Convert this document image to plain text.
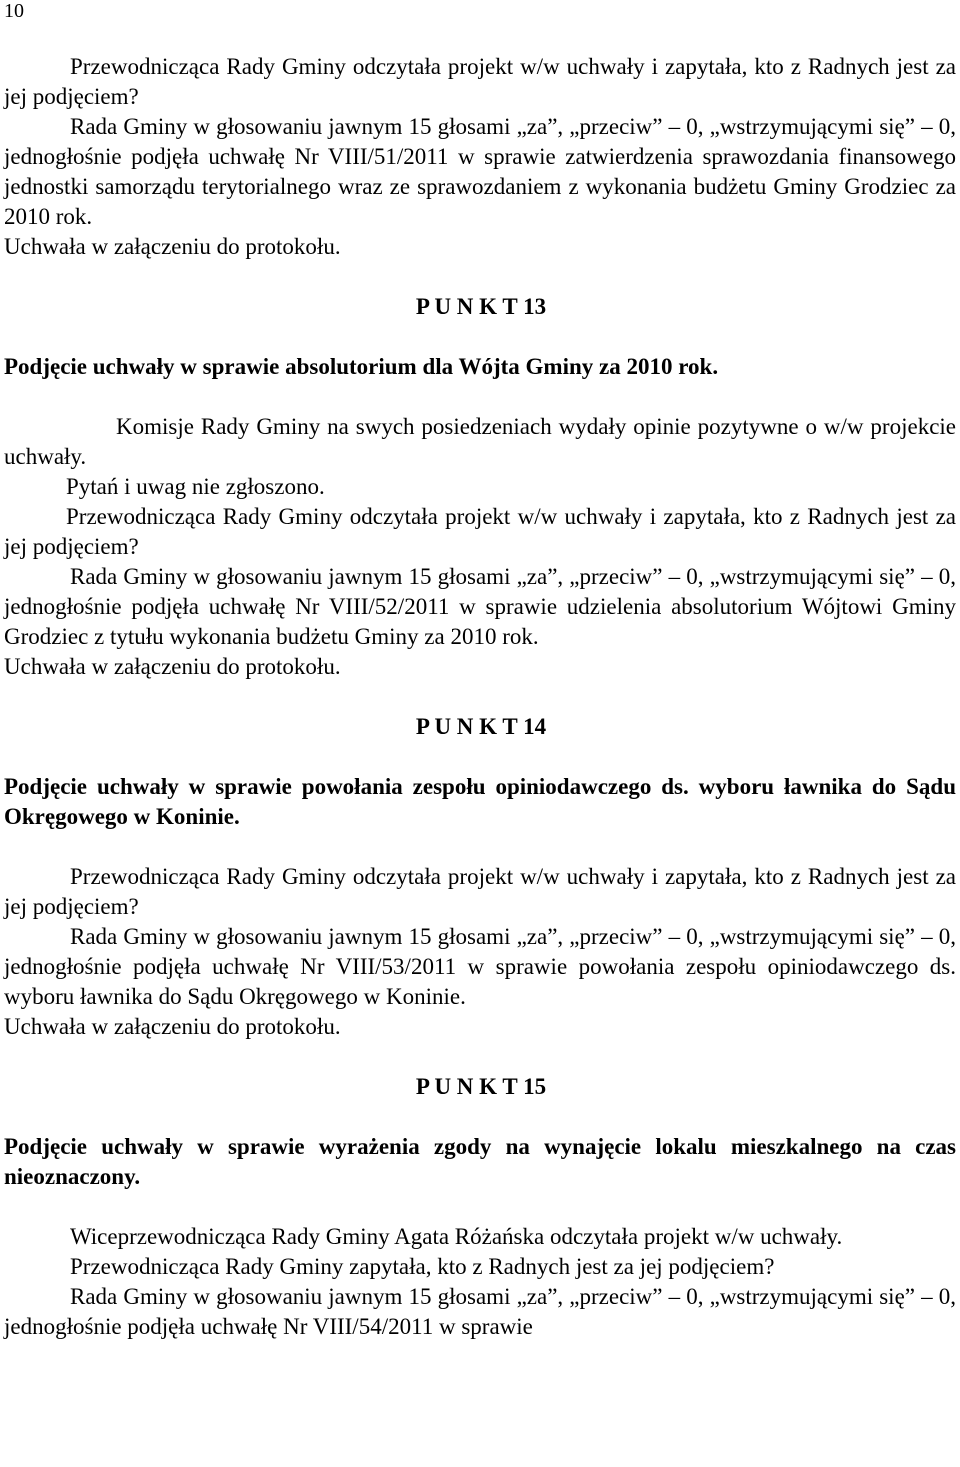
10

Przewodnicząca Rady Gminy odczytała projekt w/w uchwały i zapytała, kto z Radnych jest za jej podjęciem?

Rada Gminy w głosowaniu jawnym 15 głosami „za”, „przeciw” – 0, „wstrzymującymi się” – 0, jednogłośnie podjęła uchwałę Nr VIII/51/2011 w sprawie zatwierdzenia sprawozdania finansowego jednostki samorządu terytorialnego wraz ze sprawozdaniem z wykonania budżetu Gminy Grodziec za 2010 rok.

Uchwała w załączeniu do protokołu.

P U N K T 13

Podjęcie uchwały w sprawie absolutorium dla Wójta Gminy za 2010 rok.

Komisje Rady Gminy na swych posiedzeniach wydały opinie pozytywne o w/w projekcie uchwały.

Pytań i uwag nie zgłoszono.

Przewodnicząca Rady Gminy odczytała projekt w/w uchwały i zapytała, kto z Radnych jest za jej podjęciem?

Rada Gminy w głosowaniu jawnym 15 głosami „za”, „przeciw” – 0, „wstrzymującymi się” – 0, jednogłośnie podjęła uchwałę Nr VIII/52/2011 w sprawie udzielenia absolutorium Wójtowi Gminy Grodziec z tytułu wykonania budżetu Gminy za 2010 rok.

Uchwała w załączeniu do protokołu.

P U N K T 14

Podjęcie uchwały w sprawie powołania zespołu opiniodawczego ds. wyboru ławnika do Sądu Okręgowego w Koninie.

Przewodnicząca Rady Gminy odczytała projekt w/w uchwały i zapytała, kto z Radnych jest za jej podjęciem?

Rada Gminy w głosowaniu jawnym 15 głosami „za”, „przeciw” – 0, „wstrzymującymi się” – 0, jednogłośnie podjęła uchwałę Nr VIII/53/2011 w sprawie powołania zespołu opiniodawczego ds. wyboru ławnika do Sądu Okręgowego w Koninie.

Uchwała w załączeniu do protokołu.

P U N K T 15

Podjęcie uchwały w sprawie wyrażenia zgody na wynajęcie lokalu mieszkalnego na czas nieoznaczony.

Wiceprzewodnicząca Rady Gminy Agata Różańska odczytała projekt w/w uchwały.

Przewodnicząca Rady Gminy zapytała, kto z Radnych jest za jej podjęciem?

Rada Gminy w głosowaniu jawnym 15 głosami „za”, „przeciw” – 0, „wstrzymującymi się” – 0, jednogłośnie podjęła uchwałę Nr VIII/54/2011 w sprawie
